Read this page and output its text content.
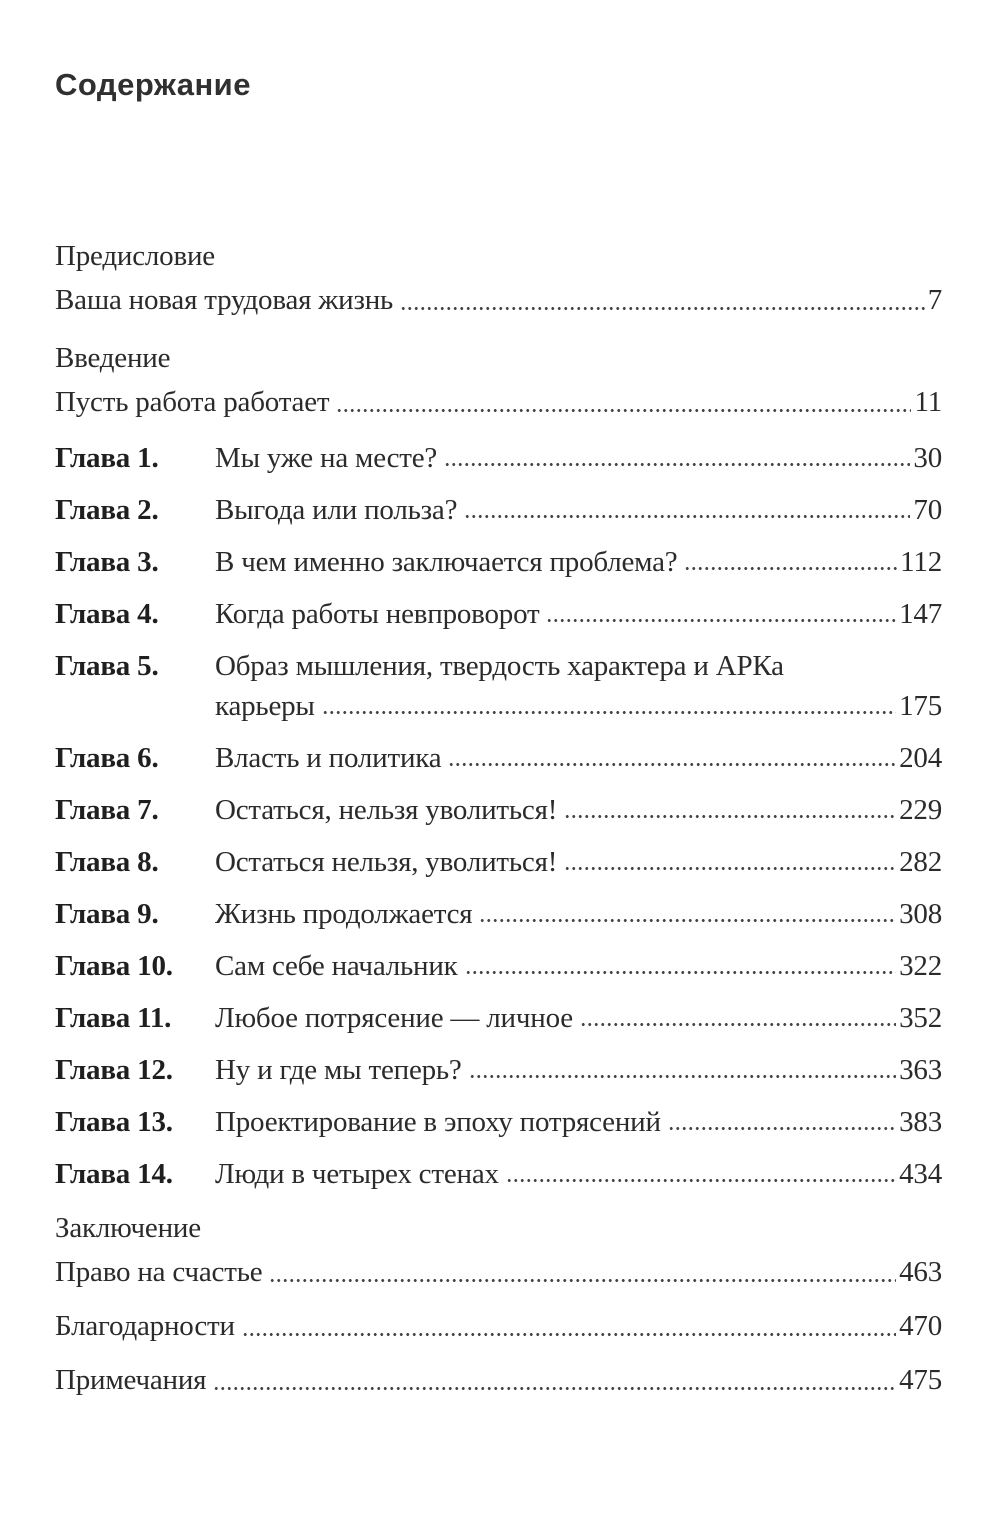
Содержание
Предисловие
Ваша новая трудовая жизнь	7
Введение
Пусть работа работает	11
Глава 1.	Мы уже на месте?	30
Глава 2.	Выгода или польза?	70
Глава 3.	В чем именно заключается проблема?	112
Глава 4.	Когда работы невпроворот	147
Глава 5.	Образ мышления, твердость характера и АРКа
карьеры	175
Глава 6.	Власть и политика	204
Глава 7.	Остаться, нельзя уволиться!	229
Глава 8.	Остаться нельзя, уволиться!	282
Глава 9.	Жизнь продолжается	308
Глава 10.	Сам себе начальник	322
Глава 11.	Любое потрясение — личное	352
Глава 12.	Ну и где мы теперь?	363
Глава 13.	Проектирование в эпоху потрясений	383
Глава 14.	Люди в четырех стенах	434
Заключение
Право на счастье	463
Благодарности	470
Примечания	475
